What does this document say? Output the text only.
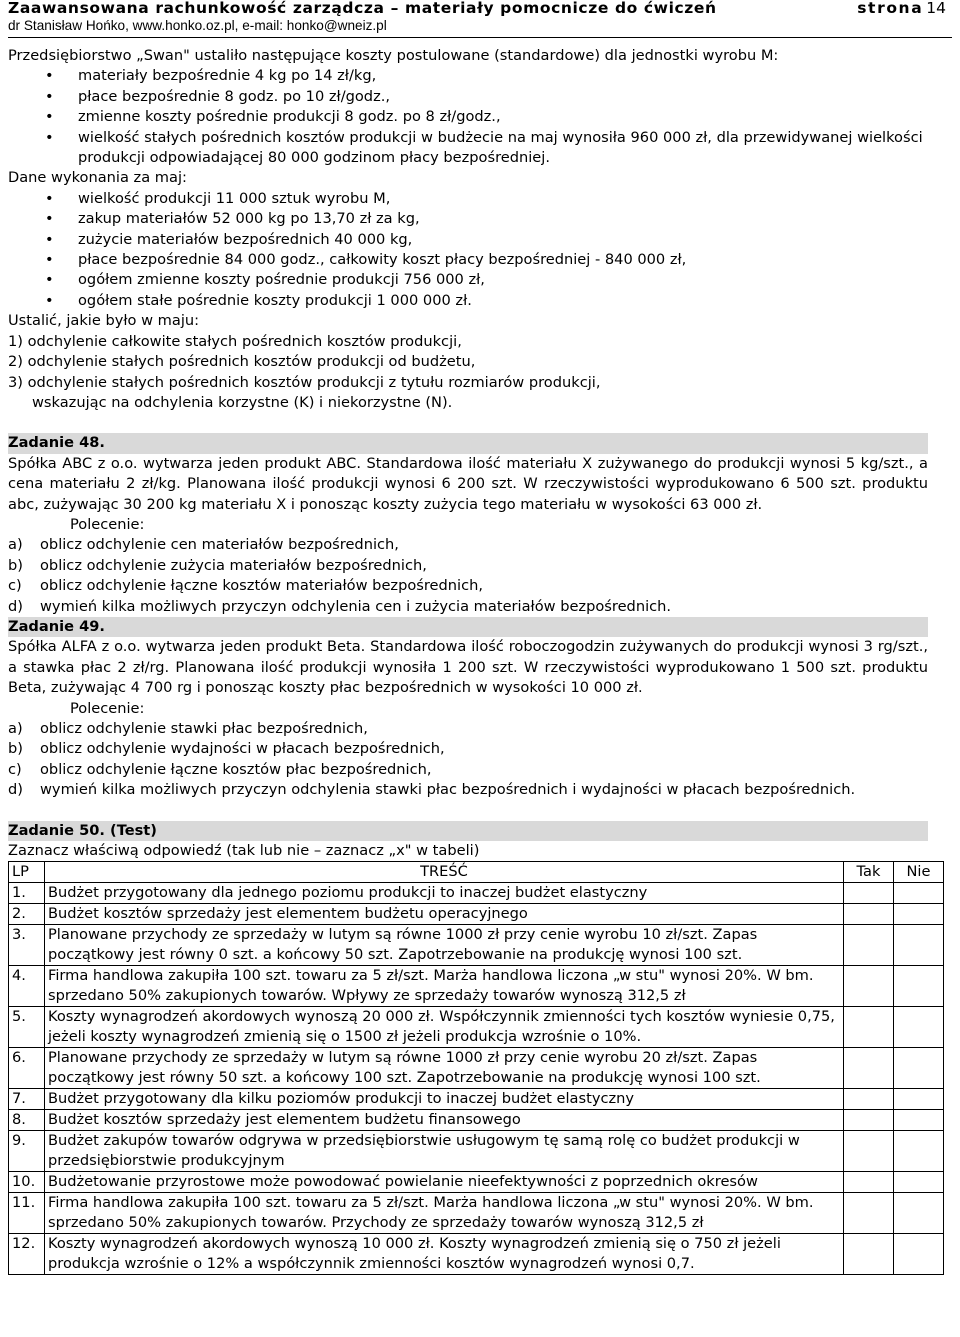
Zaawansowana rachunkowość zarządcza – materiały pomocnicze do ćwiczeń	strona 14
dr Stanisław Hońko, www.honko.oz.pl, e-mail: honko@wneiz.pl

Przedsiębiorstwo „Swan" ustaliło następujące koszty postulowane (standardowe) dla jednostki wyrobu M:

• materiały bezpośrednie 4 kg po 14 zł/kg,
• płace bezpośrednie 8 godz. po 10 zł/godz.,
• zmienne koszty pośrednie produkcji 8 godz. po 8 zł/godz.,
• wielkość stałych pośrednich kosztów produkcji w budżecie na maj wynosiła 960 000 zł, dla przewidywanej wielkości produkcji odpowiadającej 80 000 godzinom płacy bezpośredniej.

Dane wykonania za maj:

• wielkość produkcji 11 000 sztuk wyrobu M,
• zakup materiałów 52 000 kg po 13,70 zł za kg,
• zużycie materiałów bezpośrednich 40 000 kg,
• płace bezpośrednie 84 000 godz., całkowity koszt płacy bezpośredniej - 840 000 zł,
• ogółem zmienne koszty pośrednie produkcji 756 000 zł,
• ogółem stałe pośrednie koszty produkcji 1 000 000 zł.

Ustalić, jakie było w maju:

1) odchylenie całkowite stałych pośrednich kosztów produkcji,

2) odchylenie stałych pośrednich kosztów produkcji od budżetu,

3) odchylenie stałych pośrednich kosztów produkcji z tytułu rozmiarów produkcji,

wskazując na odchylenia korzystne (K) i niekorzystne (N).

Zadanie 48.

Spółka ABC z o.o. wytwarza jeden produkt ABC. Standardowa ilość materiału X zużywanego do produkcji wynosi 5 kg/szt., a cena materiału 2 zł/kg. Planowana ilość produkcji wynosi 6 200 szt. W rzeczywistości wyprodukowano 6 500 szt. produktu abc, zużywając 30 200 kg materiału X i ponosząc koszty zużycia tego materiału w wysokości 63 000 zł.

Polecenie:

a) oblicz odchylenie cen materiałów bezpośrednich,
b) oblicz odchylenie zużycia materiałów bezpośrednich,
c) oblicz odchylenie łączne kosztów materiałów bezpośrednich,
d) wymień kilka możliwych przyczyn odchylenia cen i zużycia materiałów bezpośrednich.

Zadanie 49.

Spółka ALFA z o.o. wytwarza jeden produkt Beta. Standardowa ilość roboczogodzin zużywanych do produkcji wynosi 3 rg/szt., a stawka płac 2 zł/rg. Planowana ilość produkcji wynosiła 1 200 szt. W rzeczywistości wyprodukowano 1 500 szt. produktu Beta, zużywając 4 700 rg i ponosząc koszty płac bezpośrednich w wysokości 10 000 zł.

Polecenie:

a) oblicz odchylenie stawki płac bezpośrednich,
b) oblicz odchylenie wydajności w płacach bezpośrednich,
c) oblicz odchylenie łączne kosztów płac bezpośrednich,
d) wymień kilka możliwych przyczyn odchylenia stawki płac bezpośrednich i wydajności w płacach bezpośrednich.

Zadanie 50. (Test)

Zaznacz właściwą odpowiedź (tak lub nie – zaznacz „x" w tabeli)

LP	TREŚĆ	Tak	Nie
1.	Budżet przygotowany dla jednego poziomu produkcji to inaczej budżet elastyczny		
2.	Budżet kosztów sprzedaży jest elementem budżetu operacyjnego		
3.	Planowane przychody ze sprzedaży w lutym są równe 1000 zł przy cenie wyrobu 10 zł/szt. Zapas początkowy jest równy 0 szt. a końcowy 50 szt. Zapotrzebowanie na produkcję wynosi 100 szt.		
4.	Firma handlowa zakupiła 100 szt. towaru za 5 zł/szt. Marża handlowa liczona „w stu" wynosi 20%. W bm. sprzedano 50% zakupionych towarów. Wpływy ze sprzedaży towarów wynoszą 312,5 zł		
5.	Koszty wynagrodzeń akordowych wynoszą 20 000 zł. Współczynnik zmienności tych kosztów wyniesie 0,75, jeżeli koszty wynagrodzeń zmienią się o 1500 zł jeżeli produkcja wzrośnie o 10%.		
6.	Planowane przychody ze sprzedaży w lutym są równe 1000 zł przy cenie wyrobu 20 zł/szt. Zapas początkowy jest równy 50 szt. a końcowy 100 szt. Zapotrzebowanie na produkcję wynosi 100 szt.		
7.	Budżet przygotowany dla kilku poziomów produkcji to inaczej budżet elastyczny		
8.	Budżet kosztów sprzedaży jest elementem budżetu finansowego		
9.	Budżet zakupów towarów odgrywa w przedsiębiorstwie usługowym tę samą rolę co budżet produkcji w przedsiębiorstwie produkcyjnym		
10.	Budżetowanie przyrostowe może powodować powielanie nieefektywności z poprzednich okresów		
11.	Firma handlowa zakupiła 100 szt. towaru za 5 zł/szt. Marża handlowa liczona „w stu" wynosi 20%. W bm. sprzedano 50% zakupionych towarów. Przychody ze sprzedaży towarów wynoszą 312,5 zł		
12.	Koszty wynagrodzeń akordowych wynoszą 10 000 zł. Koszty wynagrodzeń zmienią się o 750 zł jeżeli produkcja wzrośnie o 12% a współczynnik zmienności kosztów wynagrodzeń wynosi 0,7.		
